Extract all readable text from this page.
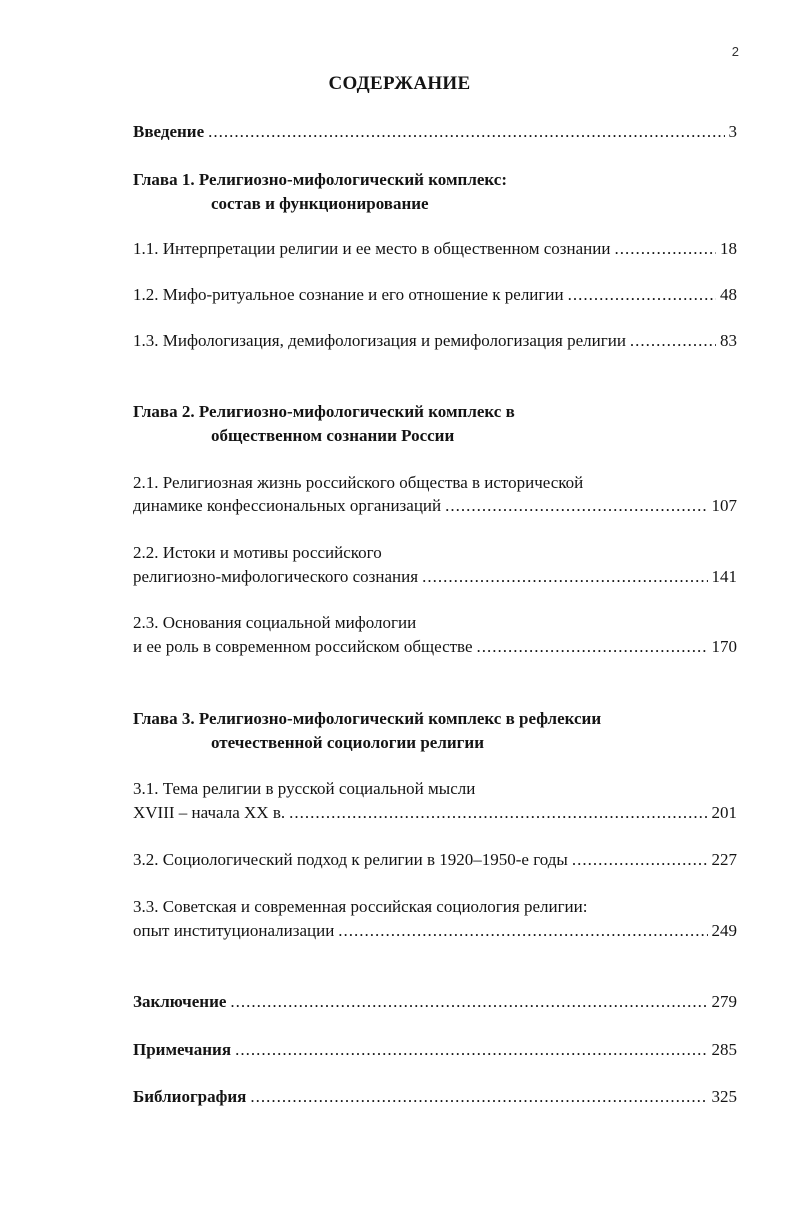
2
СОДЕРЖАНИЕ
Введение .....	3
Глава 1. Религиозно-мифологический комплекс:
состав и функционирование
1.1. Интерпретации религии и ее место в общественном сознании .....	18
1.2. Мифо-ритуальное сознание и его отношение к религии .....	48
1.3. Мифологизация, демифологизация и ремифологизация религии .....	83
Глава 2. Религиозно-мифологический комплекс в
общественном сознании России
2.1. Религиозная жизнь российского общества в исторической
динамике конфессиональных организаций .....	107
2.2. Истоки и мотивы российского
религиозно-мифологического сознания .....	141
2.3. Основания социальной мифологии
и ее роль в современном российском обществе .....	170
Глава 3. Религиозно-мифологический комплекс в рефлексии
отечественной социологии религии
3.1. Тема религии в русской социальной мысли
XVIII – начала XX в. .....	201
3.2. Социологический подход к религии в 1920–1950-е годы .....	227
3.3. Советская и современная российская социология религии:
опыт институционализации .....	249
Заключение .....	279
Примечания .....	285
Библиография .....	325
